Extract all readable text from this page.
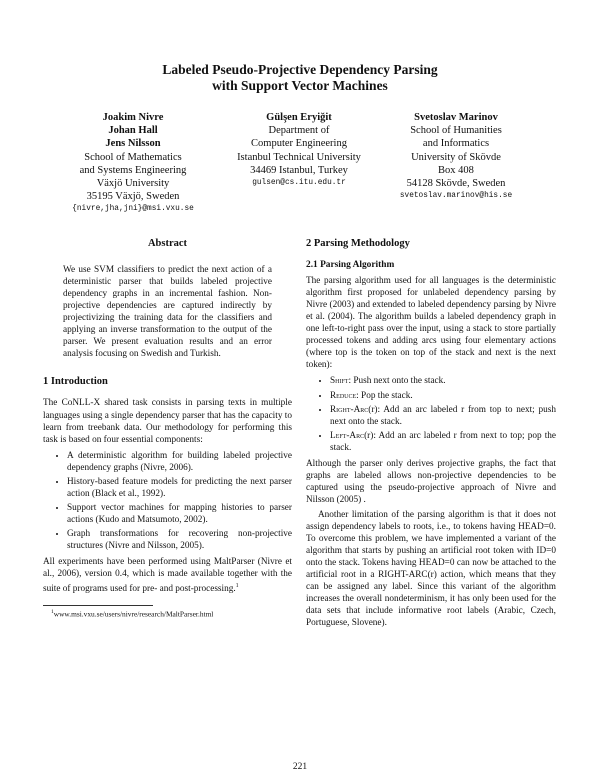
Labeled Pseudo-Projective Dependency Parsing
with Support Vector Machines
Joakim Nivre
Johan Hall
Jens Nilsson
School of Mathematics
and Systems Engineering
Växjö University
35195 Växjö, Sweden
{nivre,jha,jni}@msi.vxu.se
Gülşen Eryiğit
Department of
Computer Engineering
Istanbul Technical University
34469 Istanbul, Turkey
gulsen@cs.itu.edu.tr
Svetoslav Marinov
School of Humanities
and Informatics
University of Skövde
Box 408
54128 Skövde, Sweden
svetoslav.marinov@his.se

Abstract

We use SVM classifiers to predict the next action of a deterministic parser that builds labeled projective dependency graphs in an incremental fashion. Non-projective dependencies are captured indirectly by projectivizing the training data for the classifiers and applying an inverse transformation to the output of the parser. We present evaluation results and an error analysis focusing on Swedish and Turkish.

1 Introduction

The CoNLL-X shared task consists in parsing texts in multiple languages using a single dependency parser that has the capacity to learn from treebank data. Our methodology for performing this task is based on four essential components:

• A deterministic algorithm for building labeled projective dependency graphs (Nivre, 2006).
• History-based feature models for predicting the next parser action (Black et al., 1992).
• Support vector machines for mapping histories to parser actions (Kudo and Matsumoto, 2002).
• Graph transformations for recovering non-projective structures (Nivre and Nilsson, 2005).

All experiments have been performed using MaltParser (Nivre et al., 2006), version 0.4, which is made available together with the suite of programs used for pre- and post-processing.$^1$

$^1$www.msi.vxu.se/users/nivre/research/MaltParser.html

2 Parsing Methodology

2.1 Parsing Algorithm

The parsing algorithm used for all languages is the deterministic algorithm first proposed for unlabeled dependency parsing by Nivre (2003) and extended to labeled dependency parsing by Nivre et al. (2004). The algorithm builds a labeled dependency graph in one left-to-right pass over the input, using a stack to store partially processed tokens and adding arcs using four elementary actions (where top is the token on top of the stack and next is the next token):

• Shift: Push next onto the stack.
• Reduce: Pop the stack.
• Right-Arc(r): Add an arc labeled r from top to next; push next onto the stack.
• Left-Arc(r): Add an arc labeled r from next to top; pop the stack.

Although the parser only derives projective graphs, the fact that graphs are labeled allows non-projective dependencies to be captured using the pseudo-projective approach of Nivre and Nilsson (2005) .

Another limitation of the parsing algorithm is that it does not assign dependency labels to roots, i.e., to tokens having HEAD=0. To overcome this problem, we have implemented a variant of the algorithm that starts by pushing an artificial root token with ID=0 onto the stack. Tokens having HEAD=0 can now be attached to the artificial root in a RIGHT-ARC(r) action, which means that they can be assigned any label. Since this variant of the algorithm increases the overall nondeterminism, it has only been used for the data sets that include informative root labels (Arabic, Czech, Portuguese, Slovene).

221
